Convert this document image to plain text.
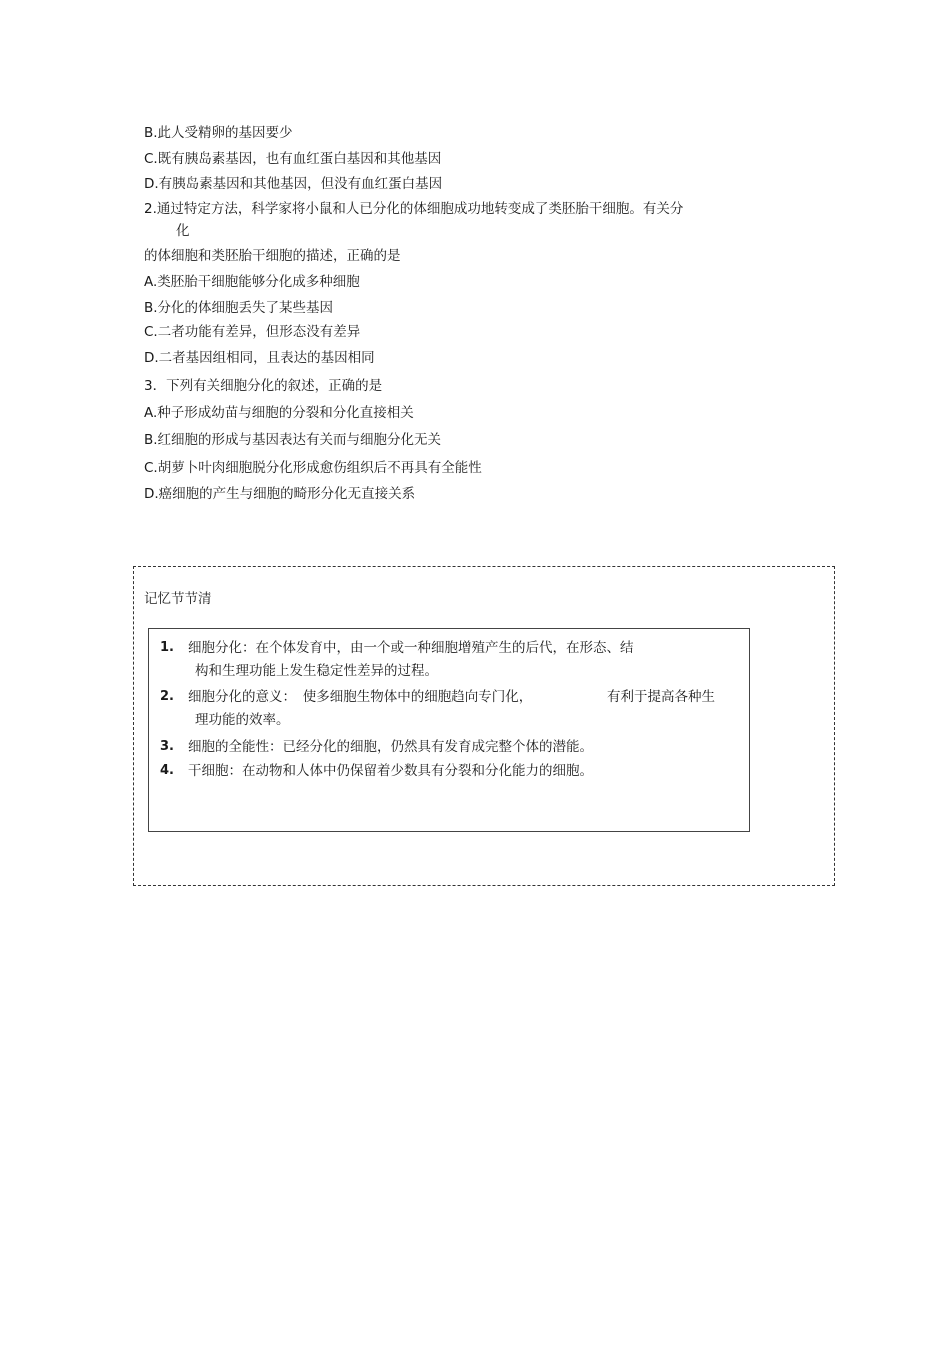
B.此人受精卵的基因要少
C.既有胰岛素基因，也有血红蛋白基因和其他基因
D.有胰岛素基因和其他基因，但没有血红蛋白基因
2.通过特定方法，科学家将小鼠和人已分化的体细胞成功地转变成了类胚胎干细胞。有关分
化
的体细胞和类胚胎干细胞的描述，正确的是
A.类胚胎干细胞能够分化成多种细胞
B.分化的体细胞丢失了某些基因
C.二者功能有差异，但形态没有差异
D.二者基因组相同，且表达的基因相同
3．下列有关细胞分化的叙述，正确的是
A.种子形成幼苗与细胞的分裂和分化直接相关
B.红细胞的形成与基因表达有关而与细胞分化无关
C.胡萝卜叶肉细胞脱分化形成愈伤组织后不再具有全能性
D.癌细胞的产生与细胞的畸形分化无直接关系
记忆节节清
1. 细胞分化：在个体发育中，由一个或一种细胞增殖产生的后代，在形态、结
构和生理功能上发生稳定性差异的过程。
2. 细胞分化的意义：　使多细胞生物体中的细胞趋向专门化，	有利于提高各种生
理功能的效率。
3. 细胞的全能性：已经分化的细胞，仍然具有发育成完整个体的潜能。
4. 干细胞：在动物和人体中仍保留着少数具有分裂和分化能力的细胞。
